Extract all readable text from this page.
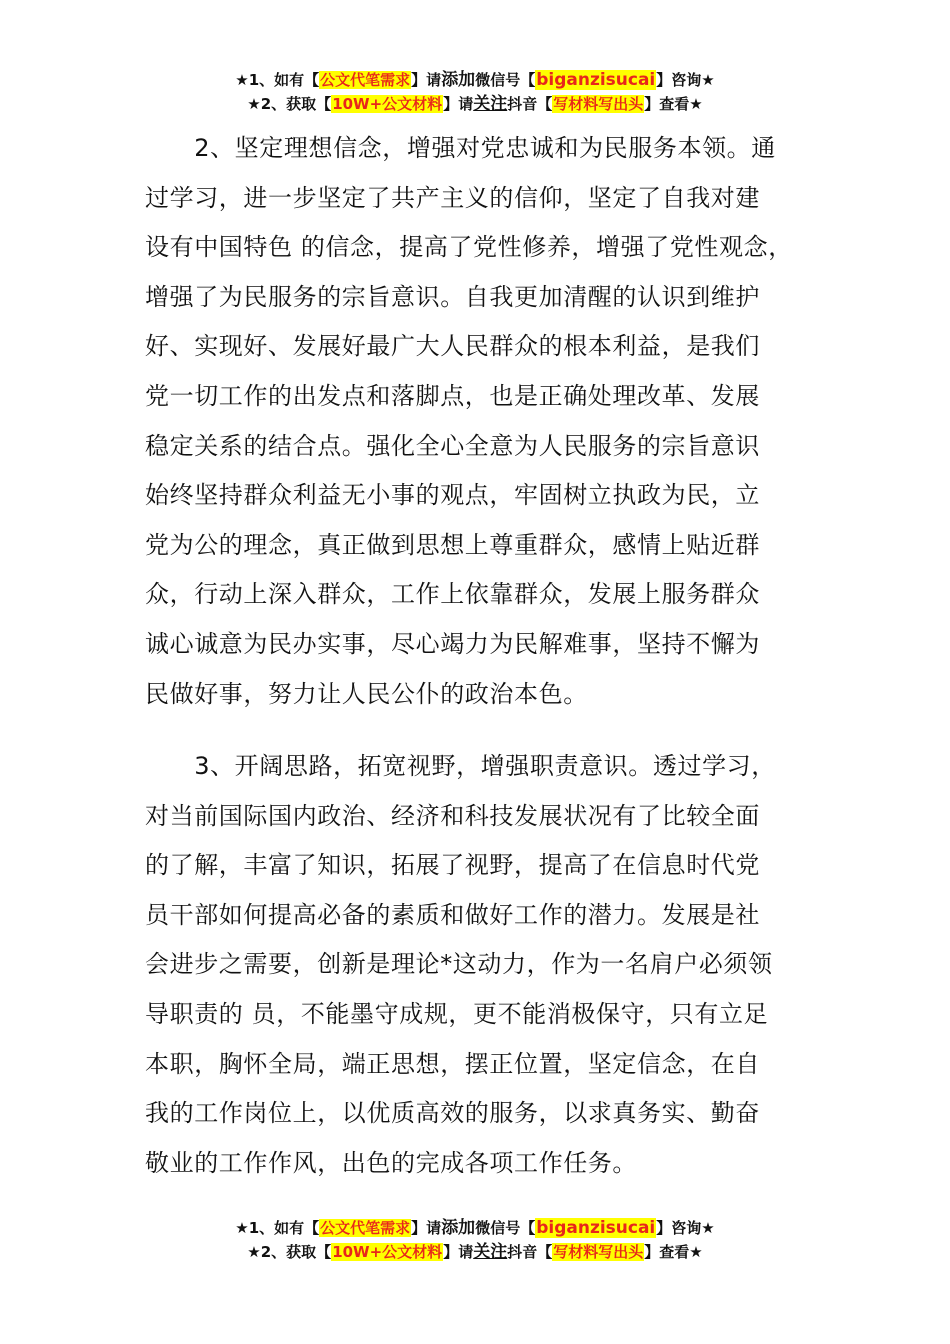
★1、如有【公文代笔需求】请添加微信号【biganzisucai】咨询★
★2、获取【10W+公文材料】请关注抖音【写材料写出头】查看★
　　2、坚定理想信念，增强对党忠诚和为民服务本领。通
过学习，进一步坚定了共产主义的信仰，坚定了自我对建
设有中国特色 的信念，提高了党性修养，增强了党性观念，
增强了为民服务的宗旨意识。自我更加清醒的认识到维护
好、实现好、发展好最广大人民群众的根本利益，是我们
党一切工作的出发点和落脚点，也是正确处理改革、发展
稳定关系的结合点。强化全心全意为人民服务的宗旨意识
始终坚持群众利益无小事的观点，牢固树立执政为民，立
党为公的理念，真正做到思想上尊重群众，感情上贴近群
众，行动上深入群众，工作上依靠群众，发展上服务群众
诚心诚意为民办实事，尽心竭力为民解难事，坚持不懈为
民做好事，努力让人民公仆的政治本色。
　　3、开阔思路，拓宽视野，增强职责意识。透过学习，
对当前国际国内政治、经济和科技发展状况有了比较全面
的了解，丰富了知识，拓展了视野，提高了在信息时代党
员干部如何提高必备的素质和做好工作的潜力。发展是社
会进步之需要，创新是理论*这动力，作为一名肩户必须领
导职责的 员，不能墨守成规，更不能消极保守，只有立足
本职，胸怀全局，端正思想，摆正位置，坚定信念，在自
我的工作岗位上，以优质高效的服务，以求真务实、勤奋
敬业的工作作风，出色的完成各项工作任务。
★1、如有【公文代笔需求】请添加微信号【biganzisucai】咨询★
★2、获取【10W+公文材料】请关注抖音【写材料写出头】查看★
